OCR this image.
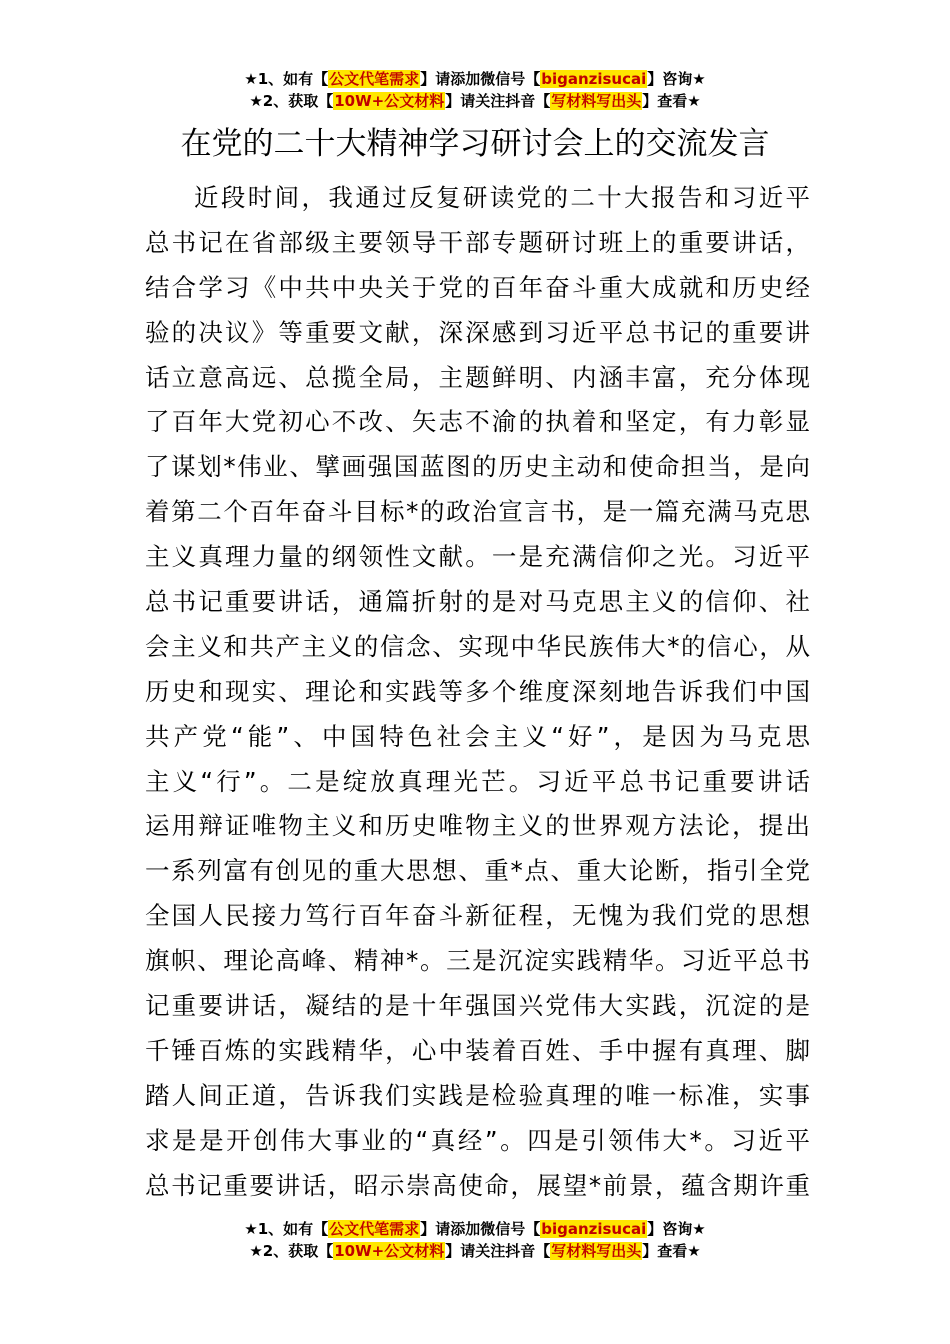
★1、如有【公文代笔需求】请添加微信号【biganzisucai】咨询★
★2、获取【10W+公文材料】请关注抖音【写材料写出头】查看★
在党的二十大精神学习研讨会上的交流发言
近段时间，我通过反复研读党的二十大报告和习近平
总书记在省部级主要领导干部专题研讨班上的重要讲话，
结合学习《中共中央关于党的百年奋斗重大成就和历史经
验的决议》等重要文献，深深感到习近平总书记的重要讲
话立意高远、总揽全局，主题鲜明、内涵丰富，充分体现
了百年大党初心不改、矢志不渝的执着和坚定，有力彰显
了谋划*伟业、擘画强国蓝图的历史主动和使命担当，是向
着第二个百年奋斗目标*的政治宣言书，是一篇充满马克思
主义真理力量的纲领性文献。一是充满信仰之光。习近平
总书记重要讲话，通篇折射的是对马克思主义的信仰、社
会主义和共产主义的信念、实现中华民族伟大*的信心，从
历史和现实、理论和实践等多个维度深刻地告诉我们中国
共产党“能”、中国特色社会主义“好”，是因为马克思
主义“行”。二是绽放真理光芒。习近平总书记重要讲话
运用辩证唯物主义和历史唯物主义的世界观方法论，提出
一系列富有创见的重大思想、重*点、重大论断，指引全党
全国人民接力笃行百年奋斗新征程，无愧为我们党的思想
旗帜、理论高峰、精神*。三是沉淀实践精华。习近平总书
记重要讲话，凝结的是十年强国兴党伟大实践，沉淀的是
千锤百炼的实践精华，心中装着百姓、手中握有真理、脚
踏人间正道，告诉我们实践是检验真理的唯一标准，实事
求是是开创伟大事业的“真经”。四是引领伟大*。习近平
总书记重要讲话，昭示崇高使命，展望*前景，蕴含期许重
★1、如有【公文代笔需求】请添加微信号【biganzisucai】咨询★
★2、获取【10W+公文材料】请关注抖音【写材料写出头】查看★
